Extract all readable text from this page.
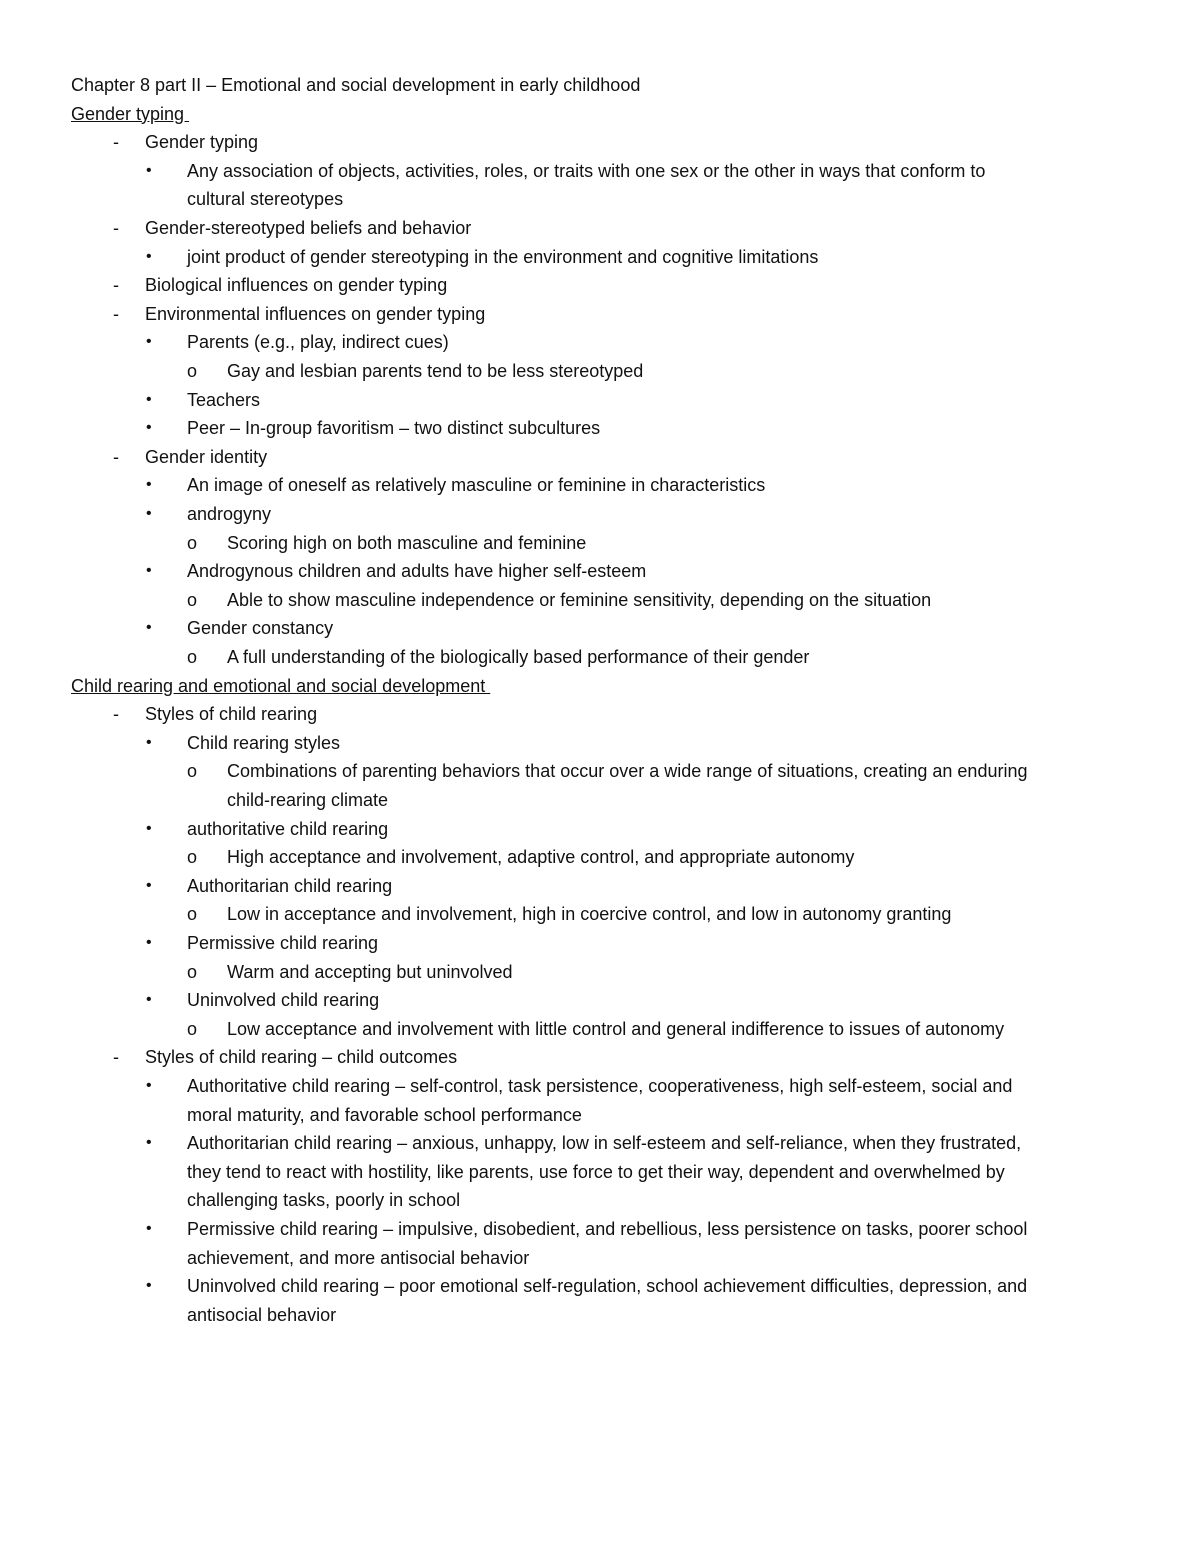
Chapter 8 part II – Emotional and social development in early childhood
Gender typing
- Gender typing
• Any association of objects, activities, roles, or traits with one sex or the other in ways that conform to
cultural stereotypes
- Gender-stereotyped beliefs and behavior
• joint product of gender stereotyping in the environment and cognitive limitations
- Biological influences on gender typing
- Environmental influences on gender typing
• Parents (e.g., play, indirect cues)
o Gay and lesbian parents tend to be less stereotyped
• Teachers
• Peer – In-group favoritism – two distinct subcultures
- Gender identity
• An image of oneself as relatively masculine or feminine in characteristics
• androgyny
o Scoring high on both masculine and feminine
• Androgynous children and adults have higher self-esteem
o Able to show masculine independence or feminine sensitivity, depending on the situation
• Gender constancy
o A full understanding of the biologically based performance of their gender
Child rearing and emotional and social development
- Styles of child rearing
• Child rearing styles
o Combinations of parenting behaviors that occur over a wide range of situations, creating an enduring
child-rearing climate
• authoritative child rearing
o High acceptance and involvement, adaptive control, and appropriate autonomy
• Authoritarian child rearing
o Low in acceptance and involvement, high in coercive control, and low in autonomy granting
• Permissive child rearing
o Warm and accepting but uninvolved
• Uninvolved child rearing
o Low acceptance and involvement with little control and general indifference to issues of autonomy
- Styles of child rearing – child outcomes
• Authoritative child rearing – self-control, task persistence, cooperativeness, high self-esteem, social and
moral maturity, and favorable school performance
• Authoritarian child rearing – anxious, unhappy, low in self-esteem and self-reliance, when they frustrated,
they tend to react with hostility, like parents, use force to get their way, dependent and overwhelmed by
challenging tasks, poorly in school
• Permissive child rearing – impulsive, disobedient, and rebellious, less persistence on tasks, poorer school
achievement, and more antisocial behavior
• Uninvolved child rearing – poor emotional self-regulation, school achievement difficulties, depression, and
antisocial behavior
